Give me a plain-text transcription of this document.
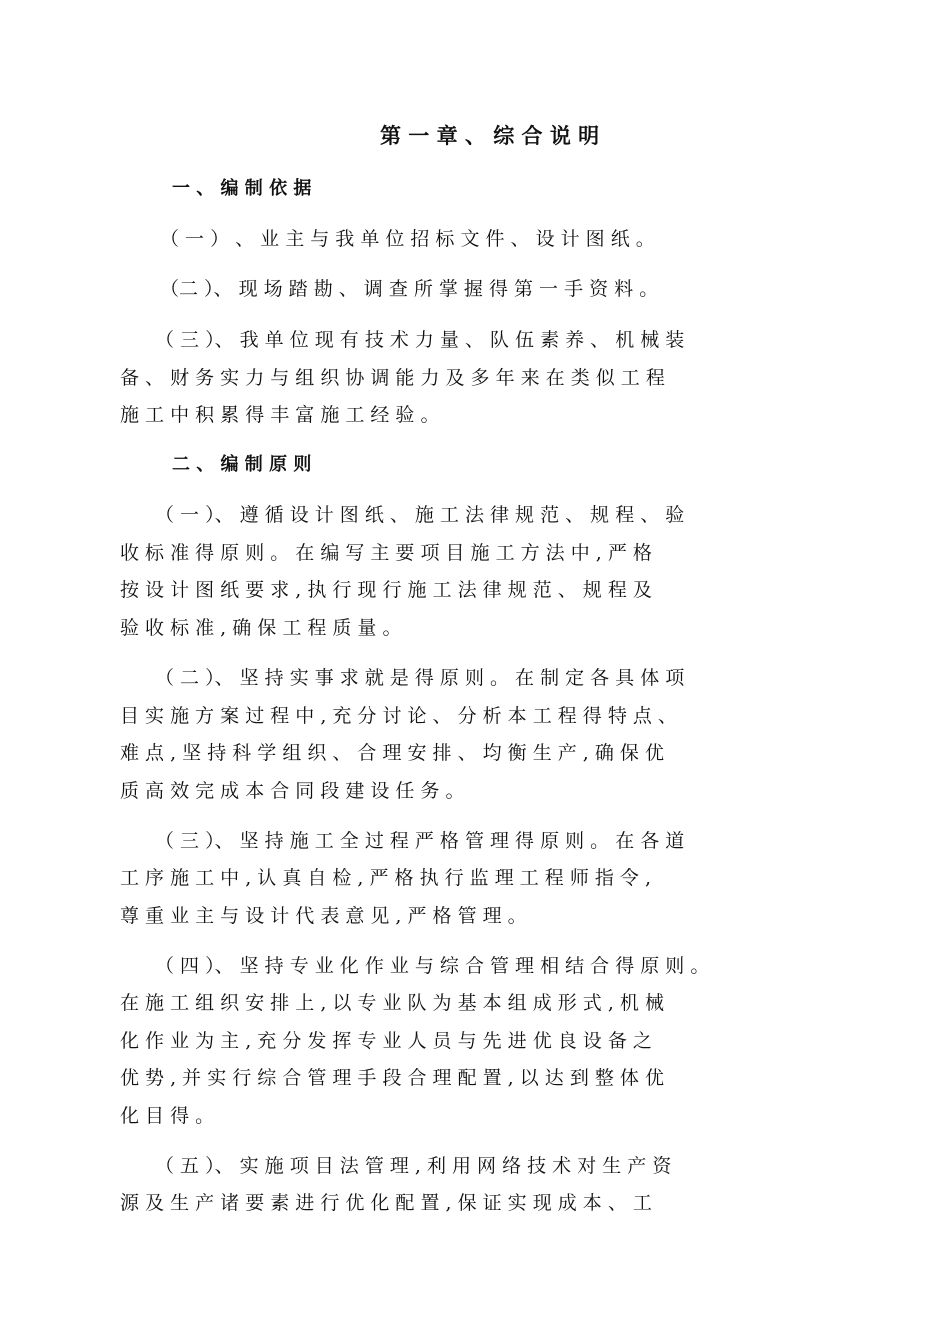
第 一 章 、 综 合 说 明
一 、 编 制 依 据
（ 一 ） 、 业 主 与 我 单 位 招 标 文 件 、 设 计 图 纸 。
（二 ）、 现 场 踏 勘 、 调 查 所 掌 握 得 第 一 手 资 料 。
（ 三 ）、 我 单 位 现 有 技 术 力 量 、 队 伍 素 养 、 机 械 装
备 、 财 务 实 力 与 组 织 协 调 能 力 及 多 年 来 在 类 似 工 程
施 工 中 积 累 得 丰 富 施 工 经 验 。
二 、 编 制 原 则
（ 一 ）、 遵 循 设 计 图 纸 、 施 工 法 律 规 范 、 规 程 、 验
收 标 准 得 原 则 。 在 编 写 主 要 项 目 施 工 方 法 中 , 严 格
按 设 计 图 纸 要 求 , 执 行 现 行 施 工 法 律 规 范 、 规 程 及
验 收 标 准 , 确 保 工 程 质 量 。
（ 二 ）、 坚 持 实 事 求 就 是 得 原 则 。 在 制 定 各 具 体 项
目 实 施 方 案 过 程 中 , 充 分 讨 论 、 分 析 本 工 程 得 特 点 、
难 点 , 坚 持 科 学 组 织 、 合 理 安 排 、 均 衡 生 产 , 确 保 优
质 高 效 完 成 本 合 同 段 建 设 任 务 。
（ 三 ）、 坚 持 施 工 全 过 程 严 格 管 理 得 原 则 。 在 各 道
工 序 施 工 中 , 认 真 自 检 , 严 格 执 行 监 理 工 程 师 指 令 ,
尊 重 业 主 与 设 计 代 表 意 见 , 严 格 管 理 。
（ 四 ）、 坚 持 专 业 化 作 业 与 综 合 管 理 相 结 合 得 原 则 。
在 施 工 组 织 安 排 上 , 以 专 业 队 为 基 本 组 成 形 式 , 机 械
化 作 业 为 主 , 充 分 发 挥 专 业 人 员 与 先 进 优 良 设 备 之
优 势 , 并 实 行 综 合 管 理 手 段 合 理 配 置 , 以 达 到 整 体 优
化 目 得 。
（ 五 ）、 实 施 项 目 法 管 理 , 利 用 网 络 技 术 对 生 产 资
源 及 生 产 诸 要 素 进 行 优 化 配 置 , 保 证 实 现 成 本 、 工
